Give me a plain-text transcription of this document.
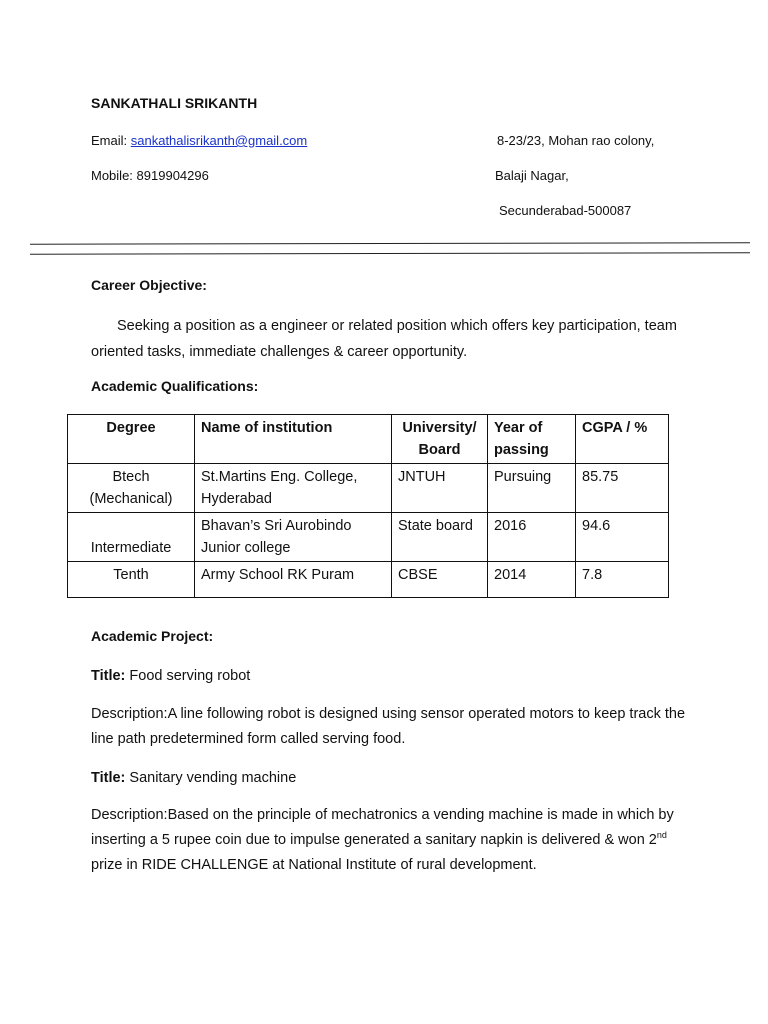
SANKATHALI SRIKANTH
Email: sankathalisrikanth@gmail.com
Mobile: 8919904296
8-23/23, Mohan rao colony,
Balaji Nagar,
Secunderabad-500087
Career Objective:
Seeking a position as a engineer or related position which offers key participation, team oriented tasks, immediate challenges & career opportunity.
Academic Qualifications:
Degree	Name of institution	University/ Board	Year of passing	CGPA / %
Btech (Mechanical)	St.Martins Eng. College, Hyderabad	JNTUH	Pursuing	85.75
Intermediate	Bhavan’s Sri Aurobindo Junior college	State board	2016	94.6
Tenth	Army School RK Puram	CBSE	2014	7.8
Academic Project:
Title: Food serving robot
Description:A line following robot is designed using sensor operated motors to keep track the line path predetermined form called serving food.
Title: Sanitary vending machine
Description:Based on the principle of mechatronics a vending machine is made in which by inserting a 5 rupee coin due to impulse generated a sanitary napkin is delivered & won 2nd prize in RIDE CHALLENGE at National Institute of rural development.
